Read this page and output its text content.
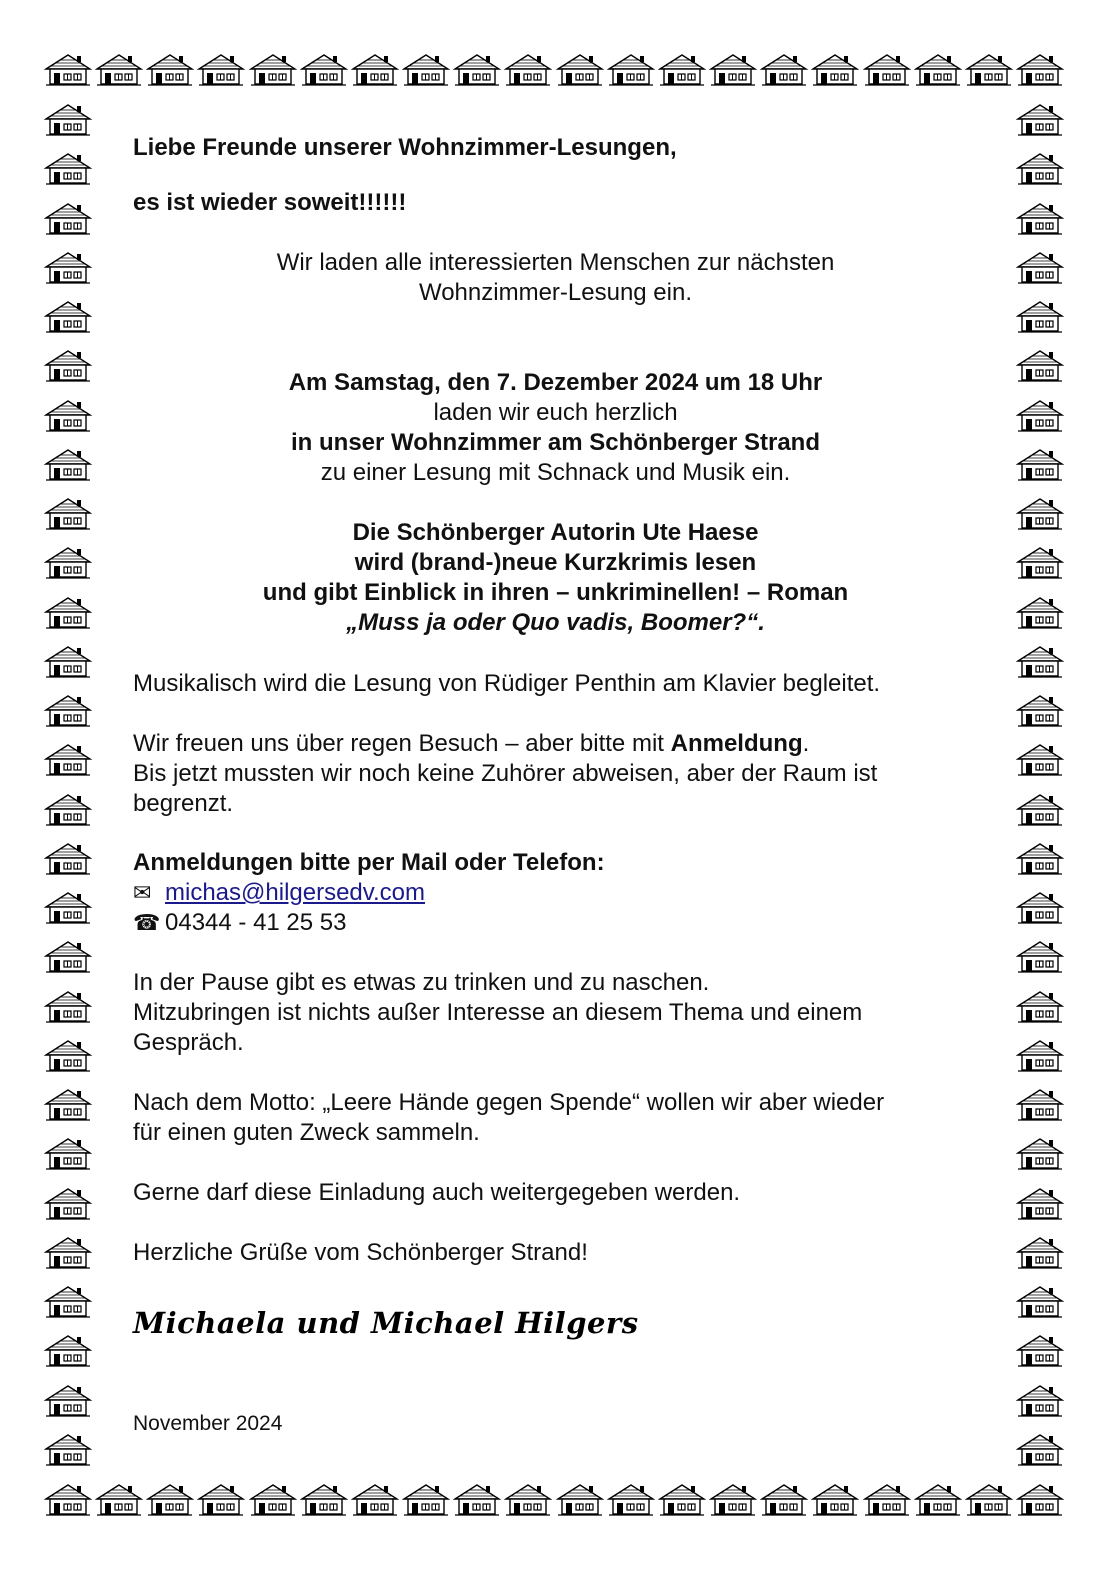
Liebe Freunde unserer Wohnzimmer-Lesungen,
es ist wieder soweit!!!!!!
Wir laden alle interessierten Menschen zur nächsten
Wohnzimmer-Lesung ein.
Am Samstag, den 7. Dezember 2024 um 18 Uhr
laden wir euch herzlich
in unser Wohnzimmer am Schönberger Strand
zu einer Lesung mit Schnack und Musik ein.
Die Schönberger Autorin Ute Haese
wird (brand-)neue Kurzkrimis lesen
und gibt Einblick in ihren – unkriminellen! – Roman
„Muss ja oder Quo vadis, Boomer?“.
Musikalisch wird die Lesung von Rüdiger Penthin am Klavier begleitet.
Wir freuen uns über regen Besuch – aber bitte mit Anmeldung.
Bis jetzt mussten wir noch keine Zuhörer abweisen, aber der Raum ist
begrenzt.
Anmeldungen bitte per Mail oder Telefon:
✉ michas@hilgersedv.com
☎ 04344 - 41 25 53
In der Pause gibt es etwas zu trinken und zu naschen.
Mitzubringen ist nichts außer Interesse an diesem Thema und einem
Gespräch.
Nach dem Motto: „Leere Hände gegen Spende“ wollen wir aber wieder
für einen guten Zweck sammeln.
Gerne darf diese Einladung auch weitergegeben werden.
Herzliche Grüße vom Schönberger Strand!
Michaela und Michael Hilgers
November 2024
